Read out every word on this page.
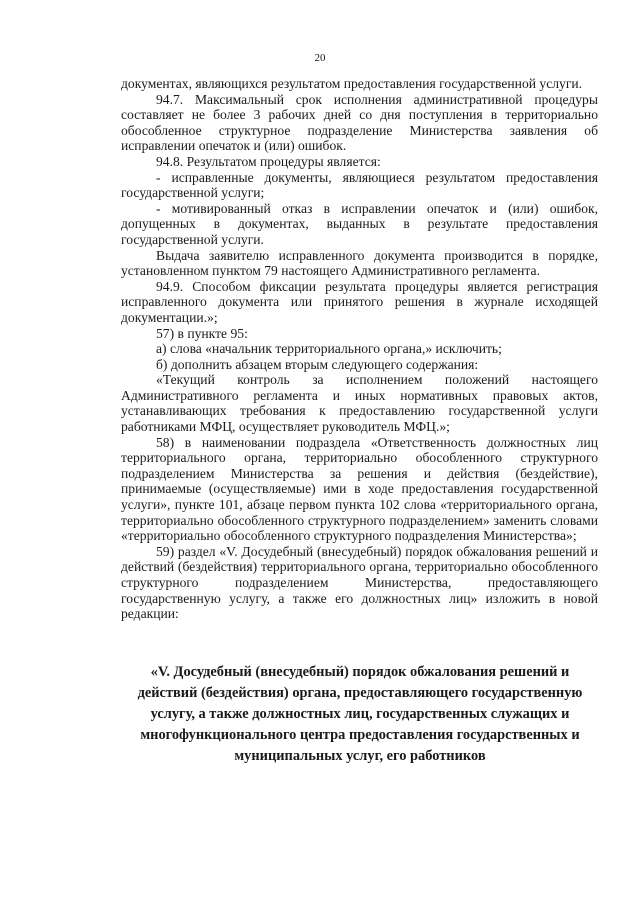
20

документах, являющихся результатом предоставления государственной услуги.

94.7. Максимальный срок исполнения административной процедуры составляет не более 3 рабочих дней со дня поступления в территориально обособленное структурное подразделение Министерства заявления об исправлении опечаток и (или) ошибок.

94.8. Результатом процедуры является:

- исправленные документы, являющиеся результатом предоставления государственной услуги;

- мотивированный отказ в исправлении опечаток и (или) ошибок, допущенных в документах, выданных в результате предоставления государственной услуги.

Выдача заявителю исправленного документа производится в порядке, установленном пунктом 79 настоящего Административного регламента.

94.9. Способом фиксации результата процедуры является регистрация исправленного документа или принятого решения в журнале исходящей документации.»;

57) в пункте 95:

а) слова «начальник территориального органа,» исключить;

б) дополнить абзацем вторым следующего содержания:

«Текущий контроль за исполнением положений настоящего Административного регламента и иных нормативных правовых актов, устанавливающих требования к предоставлению государственной услуги работниками МФЦ, осуществляет руководитель МФЦ.»;

58) в наименовании подраздела «Ответственность должностных лиц территориального органа, территориально обособленного структурного подразделением Министерства за решения и действия (бездействие), принимаемые (осуществляемые) ими в ходе предоставления государственной услуги», пункте 101, абзаце первом пункта 102 слова «территориального органа, территориально обособленного структурного подразделением» заменить словами «территориально обособленного структурного подразделения Министерства»;

59) раздел «V. Досудебный (внесудебный) порядок обжалования решений и действий (бездействия) территориального органа, территориально обособленного структурного подразделением Министерства, предоставляющего государственную услугу, а также его должностных лиц» изложить в новой редакции:

«V. Досудебный (внесудебный) порядок обжалования решений и действий (бездействия) органа, предоставляющего государственную услугу, а также должностных лиц, государственных служащих и многофункционального центра предоставления государственных и муниципальных услуг, его работников
